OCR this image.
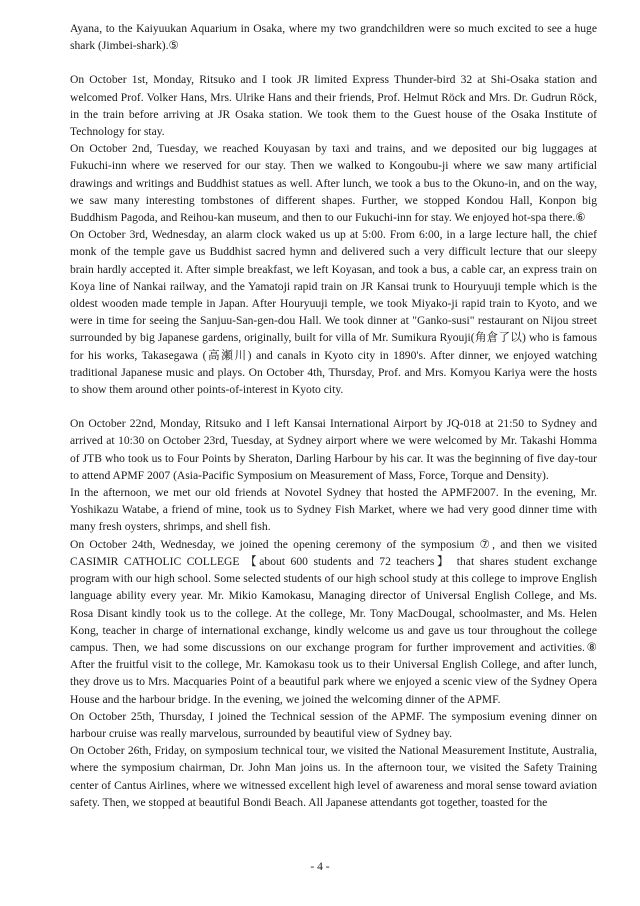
Ayana, to the Kaiyuukan Aquarium in Osaka, where my two grandchildren were so much excited to see a huge shark (Jimbei-shark).⑤

On October 1st, Monday, Ritsuko and I took JR limited Express Thunder-bird 32 at Shi-Osaka station and welcomed Prof. Volker Hans, Mrs. Ulrike Hans and their friends, Prof. Helmut Röck and Mrs. Dr. Gudrun Röck, in the train before arriving at JR Osaka station. We took them to the Guest house of the Osaka Institute of Technology for stay.

On October 2nd, Tuesday, we reached Kouyasan by taxi and trains, and we deposited our big luggages at Fukuchi-inn where we reserved for our stay. Then we walked to Kongoubu-ji where we saw many artificial drawings and writings and Buddhist statues as well. After lunch, we took a bus to the Okuno-in, and on the way, we saw many interesting tombstones of different shapes. Further, we stopped Kondou Hall, Konpon big Buddhism Pagoda, and Reihou-kan museum, and then to our Fukuchi-inn for stay. We enjoyed hot-spa there.⑥

On October 3rd, Wednesday, an alarm clock waked us up at 5:00. From 6:00, in a large lecture hall, the chief monk of the temple gave us Buddhist sacred hymn and delivered such a very difficult lecture that our sleepy brain hardly accepted it. After simple breakfast, we left Koyasan, and took a bus, a cable car, an express train on Koya line of Nankai railway, and the Yamatoji rapid train on JR Kansai trunk to Houryuuji temple which is the oldest wooden made temple in Japan. After Houryuuji temple, we took Miyako-ji rapid train to Kyoto, and we were in time for seeing the Sanjuu-San-gen-dou Hall. We took dinner at "Ganko-susi" restaurant on Nijou street surrounded by big Japanese gardens, originally, built for villa of Mr. Sumikura Ryouji(角倉了以) who is famous for his works, Takasegawa (高瀬川) and canals in Kyoto city in 1890's. After dinner, we enjoyed watching traditional Japanese music and plays. On October 4th, Thursday, Prof. and Mrs. Komyou Kariya were the hosts to show them around other points-of-interest in Kyoto city.

On October 22nd, Monday, Ritsuko and I left Kansai International Airport by JQ-018 at 21:50 to Sydney and arrived at 10:30 on October 23rd, Tuesday, at Sydney airport where we were welcomed by Mr. Takashi Homma of JTB who took us to Four Points by Sheraton, Darling Harbour by his car. It was the beginning of five day-tour to attend APMF 2007 (Asia-Pacific Symposium on Measurement of Mass, Force, Torque and Density).

In the afternoon, we met our old friends at Novotel Sydney that hosted the APMF2007. In the evening, Mr. Yoshikazu Watabe, a friend of mine, took us to Sydney Fish Market, where we had very good dinner time with many fresh oysters, shrimps, and shell fish.

On October 24th, Wednesday, we joined the opening ceremony of the symposium ⑦, and then we visited CASIMIR CATHOLIC COLLEGE 【about 600 students and 72 teachers】 that shares student exchange program with our high school. Some selected students of our high school study at this college to improve English language ability every year. Mr. Mikio Kamokasu, Managing director of Universal English College, and Ms. Rosa Disant kindly took us to the college. At the college, Mr. Tony MacDougal, schoolmaster, and Ms. Helen Kong, teacher in charge of international exchange, kindly welcome us and gave us tour throughout the college campus. Then, we had some discussions on our exchange program for further improvement and activities.⑧ After the fruitful visit to the college, Mr. Kamokasu took us to their Universal English College, and after lunch, they drove us to Mrs. Macquaries Point of a beautiful park where we enjoyed a scenic view of the Sydney Opera House and the harbour bridge. In the evening, we joined the welcoming dinner of the APMF.

On October 25th, Thursday, I joined the Technical session of the APMF. The symposium evening dinner on harbour cruise was really marvelous, surrounded by beautiful view of Sydney bay.

On October 26th, Friday, on symposium technical tour, we visited the National Measurement Institute, Australia, where the symposium chairman, Dr. John Man joins us. In the afternoon tour, we visited the Safety Training center of Cantus Airlines, where we witnessed excellent high level of awareness and moral sense toward aviation safety. Then, we stopped at beautiful Bondi Beach. All Japanese attendants got together, toasted for the

- 4 -
